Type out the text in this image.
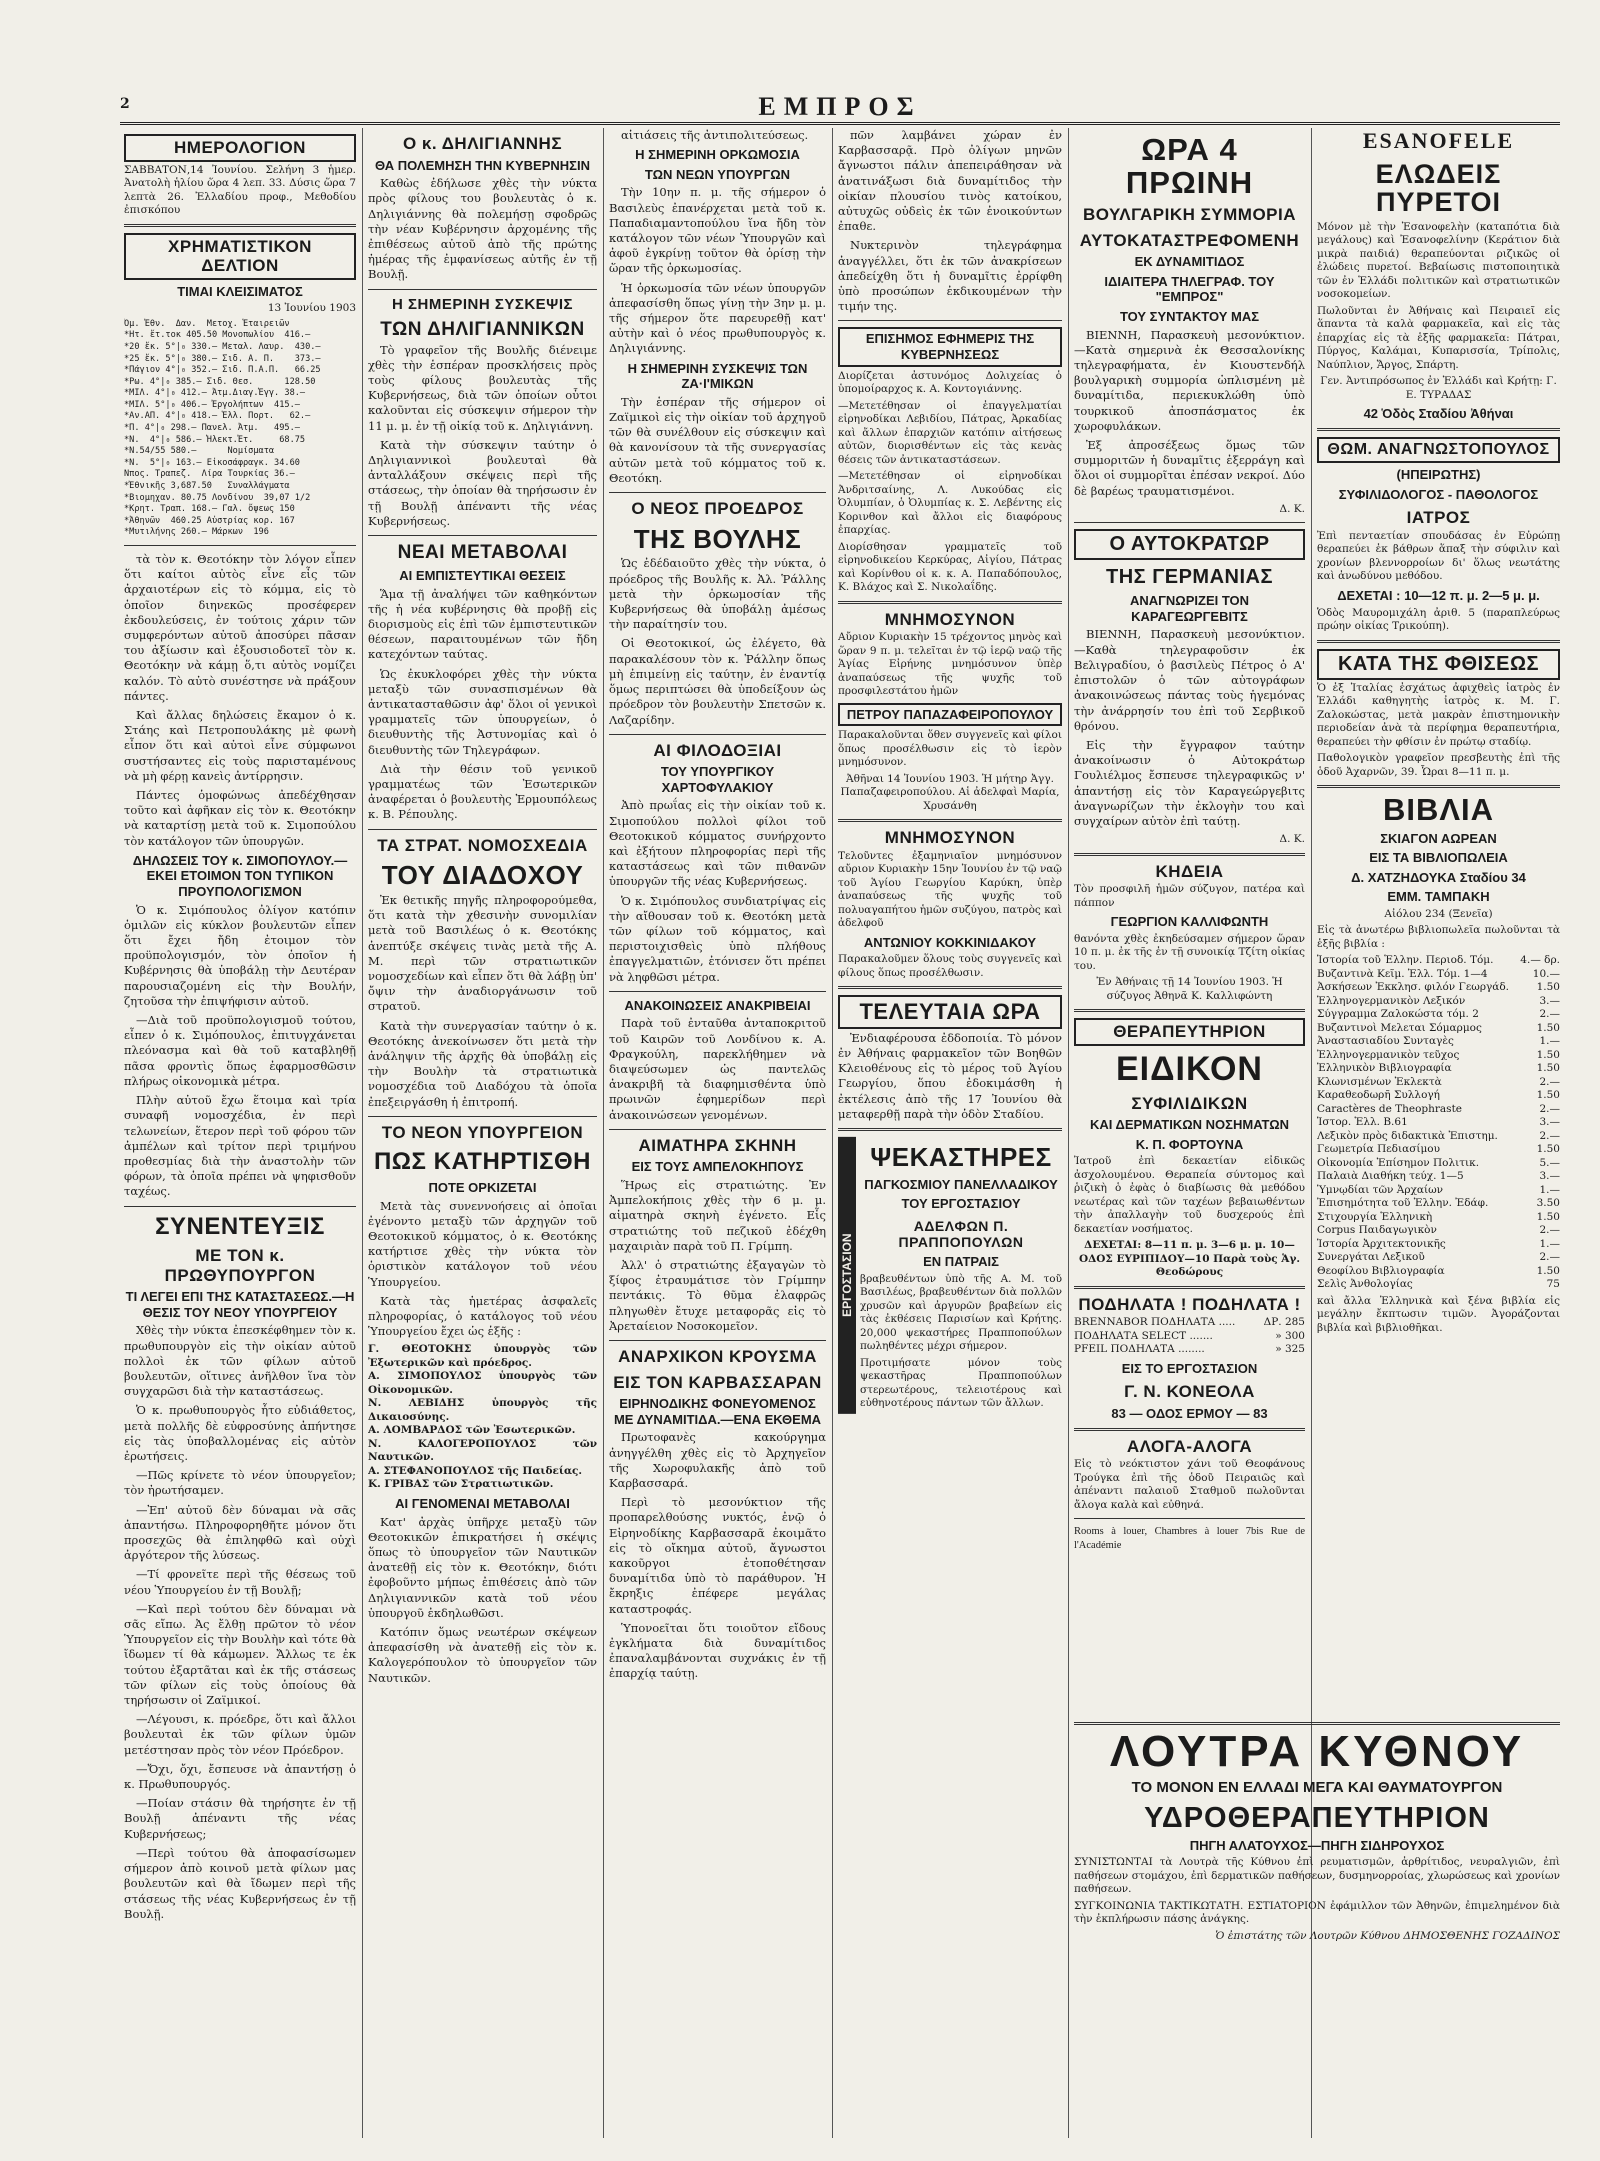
2	ΕΜΠΡΟΣ
ΗΜΕΡΟΛΟΓΙΟΝ

ΣΑΒΒΑΤΟΝ,14 Ἰουνίου. Σελήνη 3 ἡμερ. Ἀνατολὴ ἡλίου ὥρα 4 λεπ. 33. Δύσις ὥρα 7 λεπτὰ 26. Ἐλλαδίου προφ., Μεθοδίου ἐπισκόπου

ΧΡΗΜΑΤΙΣΤΙΚΟΝ ΔΕΛΤΙΟΝ
ΤΙΜΑΙ ΚΛΕΙΣΙΜΑΤΟΣ
13 Ἰουνίου 1903
Ὁμ. Ἐθν.  Δαν.  Μετοχ. Ἑταιρειῶν
*Ητ. ἔτ.τοκ 405.50 Μονοπωλίου  416.—
*20 ἔκ. 5°|₀ 330.— Μεταλ. Λαυρ.  430.—
*25 ἔκ. 5°|₀ 380.— Σιδ. Α. Π.    373.—
*Πάγιον 4°|₀ 352.— Σιδ. Π.Α.Π.   66.25
*Ρω. 4°|₀ 385.— Σιδ. Θεσ.      128.50
*ΜΙΛ. 4°|₀ 412.— Ἀτμ.Διαγ.Ἐγγ. 38.—
*ΜΙΛ. 5°|₀ 406.— Ἐργολήπτων  415.—
*Αν.ΑΠ. 4°|₀ 418.— Ἑλλ. Πορτ.   62.—
*Π. 4°|₀ 298.— Πανελ. Ἀτμ.   495.—
*Ν.  4°|₀ 586.— Ἠλεκτ.Ἐτ.     68.75
*Ν.54/55 580.—      Νομίσματα
*Ν.  5°|₀ 163.— Εἰκοσάφραγκ. 34.60
Νπος. Τραπεζ.  Λίρα Τουρκίας 36.—
*Ἐθνικῆς 3,687.50   Συναλλάγματα
*Βιομηχαν. 80.75 Λονδίνου  39,07 1/2
*Κρητ. Τραπ. 168.— Γαλ. ὄψεως 150
*Ἀθηνῶν  460.25 Αὐστρίας κορ. 167
*Μυτιλήνης 260.— Μάρκων  196

τὰ τὸν κ. Θεοτόκην τὸν λόγον εἶπεν ὅτι καίτοι αὐτὸς εἶνε εἷς τῶν ἀρχαιοτέρων εἰς τὸ κόμμα, εἰς τὸ ὁποῖον διηνεκῶς προσέφερεν ἐκδουλεύσεις, ἐν τούτοις χάριν τῶν συμφερόντων αὐτοῦ ἀποσύρει πᾶσαν του ἀξίωσιν καὶ ἐξουσιοδοτεῖ τὸν κ. Θεοτόκην νὰ κάμῃ ὅ,τι αὐτὸς νομίζει καλόν. Τὸ αὐτὸ συνέστησε νὰ πράξουν πάντες.

Καὶ ἄλλας δηλώσεις ἔκαμον ὁ κ. Στάης καὶ Πετροπουλάκης μὲ φωνὴ εἶπον ὅτι καὶ αὐτοὶ εἶνε σύμφωνοι συστήσαντες εἰς τοὺς παρισταμένους νὰ μὴ φέρῃ κανεὶς ἀντίρρησιν.

Πάντες ὁμοφώνως ἀπεδέχθησαν τοῦτο καὶ ἀφῆκαν εἰς τὸν κ. Θεοτόκην νὰ καταρτίσῃ μετὰ τοῦ κ. Σιμοπούλου τὸν κατάλογον τῶν ὑπουργῶν.

ΔΗΛΩΣΕΙΣ ΤΟΥ κ. ΣΙΜΟΠΟΥΛΟΥ.—ΕΚΕΙ ΕΤΟΙΜΟΝ ΤΟΝ ΤΥΠΙΚΟΝ ΠΡΟΥΠΟΛΟΓΙΣΜΟΝ

Ὁ κ. Σιμόπουλος ὀλίγον κατόπιν ὁμιλῶν εἰς κύκλον βουλευτῶν εἶπεν ὅτι ἔχει ἤδη ἐτοιμον τὸν προϋπολογισμόν, τὸν ὁποῖον ἡ Κυβέρνησις θὰ ὑποβάλῃ τὴν Δευτέραν παρουσιαζομένη εἰς τὴν Βουλήν, ζητοῦσα τὴν ἐπιψήφισιν αὐτοῦ.

—Διὰ τοῦ προϋπολογισμοῦ τούτου, εἶπεν ὁ κ. Σιμόπουλος, ἐπιτυγχάνεται πλεόνασμα καὶ θὰ τοῦ καταβληθῇ πᾶσα φροντὶς ὅπως ἐφαρμοσθῶσιν πλήρως οἰκονομικὰ μέτρα.

Πλὴν αὐτοῦ ἔχω ἕτοιμα καὶ τρία συναφῆ νομοσχέδια, ἐν περὶ τελωνείων, ἕτερον περὶ τοῦ φόρου τῶν ἀμπέλων καὶ τρίτον περὶ τριμήνου προθεσμίας διὰ τὴν ἀναστολὴν τῶν φόρων, τὰ ὁποῖα πρέπει νὰ ψηφισθοῦν ταχέως.

ΣΥΝΕΝΤΕΥΞΙΣ
ΜΕ ΤΟΝ κ. ΠΡΩΘΥΠΟΥΡΓΟΝ
ΤΙ ΛΕΓΕΙ ΕΠΙ ΤΗΣ ΚΑΤΑΣΤΑΣΕΩΣ.—Η ΘΕΣΙΣ ΤΟΥ ΝΕΟΥ ΥΠΟΥΡΓΕΙΟΥ

Χθὲς τὴν νύκτα ἐπεσκέφθημεν τὸν κ. πρωθυπουργὸν εἰς τὴν οἰκίαν αὐτοῦ πολλοὶ ἐκ τῶν φίλων αὐτοῦ βουλευτῶν, οἵτινες ἀνῆλθον ἵνα τὸν συγχαρῶσι διὰ τὴν καταστάσεως.

Ὁ κ. πρωθυπουργὸς ἦτο εὐδιάθετος, μετὰ πολλῆς δὲ εὐφροσύνης ἀπήντησε εἰς τὰς ὑποβαλλομένας εἰς αὐτὸν ἐρωτήσεις.

—Πῶς κρίνετε τὸ νέον ὑπουργεῖον; τὸν ἠρωτήσαμεν.

—Ἐπ' αὐτοῦ δὲν δύναμαι νὰ σᾶς ἀπαντήσω. Πληροφορηθῆτε μόνον ὅτι προσεχῶς θὰ ἐπιληφθῶ καὶ οὐχὶ ἀργότερον τῆς λύσεως.

—Τί φρονεῖτε περὶ τῆς θέσεως τοῦ νέου Ὑπουργείου ἐν τῇ Βουλῇ;

—Καὶ περὶ τούτου δὲν δύναμαι νὰ σᾶς εἴπω. Ἀς ἔλθῃ πρῶτον τὸ νέον Ὑπουργεῖον εἰς τὴν Βουλὴν καὶ τότε θὰ ἴδωμεν τί θὰ κάμωμεν. Ἄλλως τε ἐκ τούτου ἐξαρτᾶται καὶ ἐκ τῆς στάσεως τῶν φίλων εἰς τοὺς ὁποίους θὰ τηρήσωσιν οἱ Ζαϊμικοί.

—Λέγουσι, κ. πρόεδρε, ὅτι καὶ ἄλλοι βουλευταὶ ἐκ τῶν φίλων ὑμῶν μετέστησαν πρὸς τὸν νέον Πρόεδρον.

—Ὄχι, ὄχι, ἔσπευσε νὰ ἀπαντήσῃ ὁ κ. Πρωθυπουργός.

—Ποίαν στάσιν θὰ τηρήσητε ἐν τῇ Βουλῇ ἀπέναντι τῆς νέας Κυβερνήσεως;

—Περὶ τούτου θὰ ἀποφασίσωμεν σήμερον ἀπὸ κοινοῦ μετὰ φίλων μας βουλευτῶν καὶ θὰ ἴδωμεν περὶ τῆς στάσεως τῆς νέας Κυβερνήσεως ἐν τῇ Βουλῇ.

Ο κ. ΔΗΛΙΓΙΑΝΝΗΣ
ΘΑ ΠΟΛΕΜΗΣΗ ΤΗΝ ΚΥΒΕΡΝΗΣΙΝ

Καθὼς ἐδήλωσε χθὲς τὴν νύκτα πρὸς φίλους του βουλευτὰς ὁ κ. Δηλιγιάννης θὰ πολεμήσῃ σφοδρῶς τὴν νέαν Κυβέρνησιν ἀρχομένης τῆς ἐπιθέσεως αὐτοῦ ἀπὸ τῆς πρώτης ἡμέρας τῆς ἐμφανίσεως αὐτῆς ἐν τῇ Βουλῇ.

Η ΣΗΜΕΡΙΝΗ ΣΥΣΚΕΨΙΣ
ΤΩΝ ΔΗΛΙΓΙΑΝΝΙΚΩΝ

Τὸ γραφεῖον τῆς Βουλῆς διένειμε χθὲς τὴν ἑσπέραν προσκλήσεις πρὸς τοὺς φίλους βουλευτὰς τῆς Κυβερνήσεως, διὰ τῶν ὁποίων οὗτοι καλοῦνται εἰς σύσκεψιν σήμερον τὴν 11 μ. μ. ἐν τῇ οἰκίᾳ τοῦ κ. Δηλιγιάννη.

Κατὰ τὴν σύσκεψιν ταύτην ὁ Δηλιγιαννικοὶ βουλευταὶ θὰ ἀνταλλάξουν σκέψεις περὶ τῆς στάσεως, τὴν ὁποίαν θὰ τηρήσωσιν ἐν τῇ Βουλῇ ἀπέναντι τῆς νέας Κυβερνήσεως.

ΝΕΑΙ ΜΕΤΑΒΟΛΑΙ
ΑΙ ΕΜΠΙΣΤΕΥΤΙΚΑΙ ΘΕΣΕΙΣ

Ἅμα τῇ ἀναλήψει τῶν καθηκόντων τῆς ἡ νέα κυβέρνησις θὰ προβῇ εἰς διορισμοὺς εἰς ἐπὶ τῶν ἐμπιστευτικῶν θέσεων, παραιτουμένων τῶν ἤδη κατεχόντων ταύτας.

Ὡς ἐκυκλοφόρει χθὲς τὴν νύκτα μεταξὺ τῶν συνασπισμένων θὰ ἀντικατασταθῶσιν ἀφ' ὅλοι οἱ γενικοὶ γραμματεῖς τῶν ὑπουργείων, ὁ διευθυντὴς τῆς Ἀστυνομίας καὶ ὁ διευθυντὴς τῶν Τηλεγράφων.

Διὰ τὴν θέσιν τοῦ γενικοῦ γραμματέως τῶν Ἐσωτερικῶν ἀναφέρεται ὁ βουλευτὴς Ἑρμουπόλεως κ. Β. Ρέπουλης.

ΤΑ ΣΤΡΑΤ. ΝΟΜΟΣΧΕΔΙΑ
ΤΟΥ ΔΙΑΔΟΧΟΥ

Ἐκ θετικῆς πηγῆς πληροφορούμεθα, ὅτι κατὰ τὴν χθεσινὴν συνομιλίαν μετὰ τοῦ Βασιλέως ὁ κ. Θεοτόκης ἀνεπτύξε σκέψεις τινὰς μετὰ τῆς Α. Μ. περὶ τῶν στρατιωτικῶν νομοσχεδίων καὶ εἶπεν ὅτι θὰ λάβῃ ὑπ' ὄψιν τὴν ἀναδιοργάνωσιν τοῦ στρατοῦ.

Κατὰ τὴν συνεργασίαν ταύτην ὁ κ. Θεοτόκης ἀνεκοίνωσεν ὅτι μετὰ τὴν ἀνάληψιν τῆς ἀρχῆς θὰ ὑποβάλῃ εἰς τὴν Βουλὴν τὰ στρατιωτικὰ νομοσχέδια τοῦ Διαδόχου τὰ ὁποῖα ἐπεξειργάσθη ἡ ἐπιτροπή.

ΤΟ ΝΕΟΝ ΥΠΟΥΡΓΕΙΟΝ
ΠΩΣ ΚΑΤΗΡΤΙΣΘΗ
ΠΟΤΕ ΟΡΚΙΖΕΤΑΙ

Μετὰ τὰς συνεννοήσεις αἱ ὁποῖαι ἐγένοντο μεταξὺ τῶν ἀρχηγῶν τοῦ Θεοτοκικοῦ κόμματος, ὁ κ. Θεοτόκης κατήρτισε χθὲς τὴν νύκτα τὸν ὁριστικὸν κατάλογον τοῦ νέου Ὑπουργείου.

Κατὰ τὰς ἡμετέρας ἀσφαλεῖς πληροφορίας, ὁ κατάλογος τοῦ νέου Ὑπουργείου ἔχει ὡς ἑξῆς :

Γ. ΘΕΟΤΟΚΗΣ ὑπουργὸς τῶν Ἐξωτερικῶν καὶ πρόεδρος.
Α. ΣΙΜΟΠΟΥΛΟΣ ὑπουργὸς τῶν Οἰκονομικῶν.
Ν. ΛΕΒΙΔΗΣ ὑπουργὸς τῆς Δικαιοσύνης.
Α. ΛΟΜΒΑΡΔΟΣ τῶν Ἐσωτερικῶν.
Ν. ΚΑΛΟΓΕΡΟΠΟΥΛΟΣ τῶν Ναυτικῶν.
Α. ΣΤΕΦΑΝΟΠΟΥΛΟΣ τῆς Παιδείας.
Κ. ΓΡΙΒΑΣ τῶν Στρατιωτικῶν.

ΑΙ ΓΕΝΟΜΕΝΑΙ ΜΕΤΑΒΟΛΑΙ

Κατ' ἀρχὰς ὑπῆρχε μεταξὺ τῶν Θεοτοκικῶν ἐπικρατήσει ἡ σκέψις ὅπως τὸ ὑπουργεῖον τῶν Ναυτικῶν ἀνατεθῇ εἰς τὸν κ. Θεοτόκην, διότι ἐφοβοῦντο μήπως ἐπιθέσεις ἀπὸ τῶν Δηλιγιαννικῶν κατὰ τοῦ νέου ὑπουργοῦ ἐκδηλωθῶσι.

Κατόπιν ὅμως νεωτέρων σκέψεων ἀπεφασίσθη νὰ ἀνατεθῇ εἰς τὸν κ. Καλογερόπουλον τὸ ὑπουργεῖον τῶν Ναυτικῶν.

αἰτιάσεις τῆς ἀντιπολιτεύσεως.

Η ΣΗΜΕΡΙΝΗ ΟΡΚΩΜΟΣΙΑ
ΤΩΝ ΝΕΩΝ ΥΠΟΥΡΓΩΝ

Τὴν 10ην π. μ. τῆς σήμερον ὁ Βασιλεὺς ἐπανέρχεται μετὰ τοῦ κ. Παπαδιαμαντοπούλου ἵνα ἤδη τὸν κατάλογον τῶν νέων Ὑπουργῶν καὶ ἀφοῦ ἐγκρίνῃ τοῦτον θὰ ὁρίσῃ τὴν ὥραν τῆς ὁρκωμοσίας.

Ἡ ὁρκωμοσία τῶν νέων ὑπουργῶν ἀπεφασίσθη ὅπως γίνῃ τὴν 3ην μ. μ. τῆς σήμερον ὅτε παρευρεθῇ κατ' αὐτὴν καὶ ὁ νέος πρωθυπουργὸς κ. Δηλιγιάννης.

Η ΣΗΜΕΡΙΝΗ ΣΥΣΚΕΨΙΣ ΤΩΝ ΖΑ·Ι'ΜΙΚΩΝ

Τὴν ἑσπέραν τῆς σήμερον οἱ Ζαϊμικοὶ εἰς τὴν οἰκίαν τοῦ ἀρχηγοῦ τῶν θὰ συνέλθουν εἰς σύσκεψιν καὶ θὰ κανονίσουν τὰ τῆς συνεργασίας αὐτῶν μετὰ τοῦ κόμματος τοῦ κ. Θεοτόκη.

Ο ΝΕΟΣ ΠΡΟΕΔΡΟΣ
ΤΗΣ ΒΟΥΛΗΣ

Ὡς ἐδέδαιοῦτο χθὲς τὴν νύκτα, ὁ πρόεδρος τῆς Βουλῆς κ. Ἀλ. Ῥάλλης μετὰ τὴν ὁρκωμοσίαν τῆς Κυβερνήσεως θὰ ὑποβάλῃ ἀμέσως τὴν παραίτησίν του.

Οἱ Θεοτοκικοί, ὡς ἐλέγετο, θὰ παρακαλέσουν τὸν κ. Ῥάλλην ὅπως μὴ ἐπιμείνῃ εἰς ταύτην, ἐν ἐναντίᾳ ὅμως περιπτώσει θὰ ὑποδείξουν ὡς πρόεδρον τὸν βουλευτὴν Σπετσῶν κ. Λαζαρίδην.

ΑΙ ΦΙΛΟΔΟΞΙΑΙ
ΤΟΥ ΥΠΟΥΡΓΙΚΟΥ ΧΑΡΤΟΦΥΛΑΚΙΟΥ

Ἀπὸ πρωΐας εἰς τὴν οἰκίαν τοῦ κ. Σιμοπούλου πολλοὶ φίλοι τοῦ Θεοτοκικοῦ κόμματος συνήρχοντο καὶ ἐξήτουν πληροφορίας περὶ τῆς καταστάσεως καὶ τῶν πιθανῶν ὑπουργῶν τῆς νέας Κυβερνήσεως.

Ὁ κ. Σιμόπουλος συνδιατρίψας εἰς τὴν αἴθουσαν τοῦ κ. Θεοτόκη μετὰ τῶν φίλων τοῦ κόμματος, καὶ περιστοιχισθεὶς ὑπὸ πλήθους ἐπαγγελματιῶν, ἐτόνισεν ὅτι πρέπει νὰ ληφθῶσι μέτρα.

ΑΝΑΚΟΙΝΩΣΕΙΣ ΑΝΑΚΡΙΒΕΙΑΙ

Παρὰ τοῦ ἐνταῦθα ἀνταποκριτοῦ τοῦ Καιρῶν τοῦ Λονδίνου κ. Α. Φραγκούλη, παρεκλήθημεν νὰ διαψεύσωμεν ὡς παντελῶς ἀνακριβῆ τὰ διαφημισθέντα ὑπὸ πρωινῶν ἐφημερίδων περὶ ἀνακοινώσεων γενομένων.

ΑΙΜΑΤΗΡΑ ΣΚΗΝΗ
ΕΙΣ ΤΟΥΣ ΑΜΠΕΛΟΚΗΠΟΥΣ

Ἥρως εἰς στρατιώτης. Ἐν Ἀμπελοκήποις χθὲς τὴν 6 μ. μ. αἱματηρὰ σκηνὴ ἐγένετο. Εἷς στρατιώτης τοῦ πεζικοῦ ἐδέχθη μαχαιριὰν παρὰ τοῦ Π. Γρίμπη.

Ἀλλ' ὁ στρατιώτης ἐξαγαγὼν τὸ ξίφος ἐτραυμάτισε τὸν Γρίμπην πεντάκις. Τὸ θῦμα ἐλαφρῶς πληγωθὲν ἔτυχε μεταφορᾶς εἰς τὸ Ἀρεταίειον Νοσοκομεῖον.

ΑΝΑΡΧΙΚΟΝ ΚΡΟΥΣΜΑ
ΕΙΣ ΤΟΝ ΚΑΡΒΑΣΣΑΡΑΝ
ΕΙΡΗΝΟΔΙΚΗΣ ΦΟΝΕΥΟΜΕΝΟΣ ΜΕ ΔΥΝΑΜΙΤΙΔΑ.—ΕΝΑ ΕΚΘΕΜΑ

Πρωτοφανὲς κακούργημα ἀνηγγέλθη χθὲς εἰς τὸ Ἀρχηγεῖον τῆς Χωροφυλακῆς ἀπὸ τοῦ Καρβασσαρά.

Περὶ τὸ μεσονύκτιον τῆς προπαρελθούσης νυκτός, ἐνῷ ὁ Εἰρηνοδίκης Καρβασσαρᾶ ἐκοιμᾶτο εἰς τὸ οἴκημα αὐτοῦ, ἄγνωστοι κακοῦργοι ἐτοποθέτησαν δυναμίτιδα ὑπὸ τὸ παράθυρον. Ἡ ἔκρηξις ἐπέφερε μεγάλας καταστροφάς.

Ὑπονοεῖται ὅτι τοιοῦτον εἴδους ἐγκλήματα διὰ δυναμίτιδος ἐπαναλαμβάνονται συχνάκις ἐν τῇ ἐπαρχίᾳ ταύτῃ.

πῶν λαμβάνει χώραν ἐν Καρβασσαρᾷ. Πρὸ ὀλίγων μηνῶν ἄγνωστοι πάλιν ἀπεπειράθησαν νὰ ἀνατινάξωσι διὰ δυναμίτιδος τὴν οἰκίαν πλουσίου τινὸς κατοίκου, αὐτυχῶς οὐδεὶς ἐκ τῶν ἐνοικούντων ἐπαθε.

Νυκτερινὸν τηλεγράφημα ἀναγγέλλει, ὅτι ἐκ τῶν ἀνακρίσεων ἀπεδείχθη ὅτι ἡ δυναμῖτις ἐρρίφθη ὑπὸ προσώπων ἐκδικουμένων τὴν τιμήν της.

ΕΠΙΣΗΜΟΣ ΕΦΗΜΕΡΙΣ ΤΗΣ ΚΥΒΕΡΝΗΣΕΩΣ

Διορίζεται ἀστυνόμος Δολιχείας ὁ ὑπομοίραρχος κ. Α. Κοντογιάννης.

—Μετετέθησαν οἱ ἐπαγγελματίαι εἰρηνοδίκαι Λεβιδίου, Πάτρας, Ἀρκαδίας καὶ ἄλλων ἐπαρχιῶν κατόπιν αἰτήσεως αὐτῶν, διορισθέντων εἰς τὰς κενὰς θέσεις τῶν ἀντικαταστάσεων.

—Μετετέθησαν οἱ εἰρηνοδίκαι Ἀνδριτσαίνης, Λ. Λυκούδας εἰς Ὀλυμπίαν, ὁ Ὀλυμπίας κ. Σ. Λεβέντης εἰς Κορινθον καὶ ἄλλοι εἰς διαφόρους ἐπαρχίας.

Διορίσθησαν γραμματεῖς τοῦ εἰρηνοδικείου Κερκύρας, Αἰγίου, Πάτρας καὶ Κορίνθου οἱ κ. κ. Α. Παπαδόπουλος, Κ. Βλάχος καὶ Σ. Νικολαΐδης.

ΜΝΗΜΟΣΥΝΟΝ

Αὔριον Κυριακὴν 15 τρέχοντος μηνὸς καὶ ὥραν 9 π. μ. τελεῖται ἐν τῷ ἱερῷ ναῷ τῆς Ἁγίας Εἰρήνης μνημόσυνον ὑπὲρ ἀναπαύσεως τῆς ψυχῆς τοῦ προσφιλεστάτου ἡμῶν

ΠΕΤΡΟΥ ΠΑΠΑΖΑΦΕΙΡΟΠΟΥΛΟΥ

Παρακαλοῦνται ὅθεν συγγενεῖς καὶ φίλοι ὅπως προσέλθωσιν εἰς τὸ ἱερὸν μνημόσυνον.

Ἀθῆναι 14 Ἰουνίου 1903. Ἡ μήτηρ Ἀγγ. Παπαζαφειροπούλου. Αἱ ἀδελφαὶ Μαρία, Χρυσάνθη

ΜΝΗΜΟΣΥΝΟΝ

Τελοῦντες ἐξαμηνιαῖον μνημόσυνον αὔριον Κυριακὴν 15ην Ἰουνίου ἐν τῷ ναῷ τοῦ Ἁγίου Γεωργίου Καρύκη, ὑπὲρ ἀναπαύσεως τῆς ψυχῆς τοῦ πολυαγαπήτου ἡμῶν συζύγου, πατρὸς καὶ ἀδελφοῦ

ΑΝΤΩΝΙΟΥ ΚΟΚΚΙΝΙΔΑΚΟΥ

Παρακαλοῦμεν ὅλους τοὺς συγγενεῖς καὶ φίλους ὅπως προσέλθωσιν.

ΤΕΛΕΥΤΑΙΑ ΩΡΑ

Ἐνδιαφέρουσα ἐδδοποιία. Τὸ μόνον ἐν Ἀθήναις φαρμακεῖον τῶν Βοηθῶν Κλειοθένους εἰς τὸ μέρος τοῦ Ἀγίου Γεωργίου, ὅπου ἐδοκιμάσθη ἡ ἐκτέλεσις ἀπὸ τῆς 17 Ἰουνίου θὰ μεταφερθῇ παρὰ τὴν ὁδὸν Σταδίου.

ΕΡΓΟΣΤΑΣΙΟΝ
ΨΕΚΑΣΤΗΡΕΣ
ΠΑΓΚΟΣΜΙΟΥ ΠΑΝΕΛΛΑΔΙΚΟΥ
ΤΟΥ ΕΡΓΟΣΤΑΣΙΟΥ
ΑΔΕΛΦΩΝ Π. ΠΡΑΠΠΟΠΟΥΛΩΝ
ΕΝ ΠΑΤΡΑΙΣ

βραβευθέντων ὑπὸ τῆς Α. Μ. τοῦ Βασιλέως, βραβευθέντων διὰ πολλῶν χρυσῶν καὶ ἀργυρῶν βραβείων εἰς τὰς ἐκθέσεις Παρισίων καὶ Κρήτης. 20,000 ψεκαστήρες Πραπποπούλων πωληθέντες μέχρι σήμερον.

Προτιμήσατε μόνον τοὺς ψεκαστῆρας Πραπποπούλων στερεωτέρους, τελειοτέρους καὶ εὐθηνοτέρους πάντων τῶν ἄλλων.

ΩΡΑ 4 ΠΡΩΙΝΗ
ΒΟΥΛΓΑΡΙΚΗ ΣΥΜΜΟΡΙΑ
ΑΥΤΟΚΑΤΑΣΤΡΕΦΟΜΕΝΗ
ΕΚ ΔΥΝΑΜΙΤΙΔΟΣ
ΙΔΙΑΙΤΕΡΑ ΤΗΛΕΓΡΑΦ. ΤΟΥ "ΕΜΠΡΟΣ"
ΤΟΥ ΣΥΝΤΑΚΤΟΥ ΜΑΣ

ΒΙΕΝΝΗ, Παρασκευὴ μεσονύκτιον.—Κατὰ σημερινὰ ἐκ Θεσσαλονίκης τηλεγραφήματα, ἐν Κιουστενδήλ βουλγαρικὴ συμμορία ὡπλισμένη μὲ δυναμίτιδα, περιεκυκλώθη ὑπὸ τουρκικοῦ ἀποσπάσματος ἐκ χωροφυλάκων.

Ἐξ ἀπροσέξεως ὅμως τῶν συμμοριτῶν ἡ δυναμῖτις ἐξερράγη καὶ ὅλοι οἱ συμμορῖται ἐπέσαν νεκροί. Δύο δὲ βαρέως τραυματισμένοι.

Δ. Κ.
Ο ΑΥΤΟΚΡΑΤΩΡ
ΤΗΣ ΓΕΡΜΑΝΙΑΣ
ΑΝΑΓΝΩΡΙΖΕΙ ΤΟΝ ΚΑΡΑΓΕΩΡΓΕΒΙΤΣ

ΒΙΕΝΝΗ, Παρασκευὴ μεσονύκτιον.—Καθὰ τηλεγραφοῦσιν ἐκ Βελιγραδίου, ὁ βασιλεὺς Πέτρος ὁ Α' ἐπιστολῶν ὁ τῶν αὐτογράφων ἀνακοινώσεως πάντας τοὺς ἡγεμόνας τὴν ἀνάρρησίν του ἐπὶ τοῦ Σερβικοῦ θρόνου.

Εἰς τὴν ἔγγραφον ταύτην ἀνακοίνωσιν ὁ Αὐτοκράτωρ Γουλιέλμος ἔσπευσε τηλεγραφικῶς ν' ἀπαντήσῃ εἰς τὸν Καραγεώργεβιτς ἀναγνωρίζων τὴν ἐκλογὴν του καὶ συγχαίρων αὐτὸν ἐπὶ ταύτῃ.

Δ. Κ.
ΚΗΔΕΙΑ

Τὸν προσφιλῆ ἡμῶν σύζυγον, πατέρα καὶ πάππον

ΓΕΩΡΓΙΟΝ ΚΑΛΛΙΦΩΝΤΗ

θανόντα χθὲς ἐκηδεύσαμεν σήμερον ὥραν 10 π. μ. ἐκ τῆς ἐν τῇ συνοικίᾳ Τζίτη οἰκίας του.

Ἐν Ἀθήναις τῇ 14 Ἰουνίου 1903. Ἡ σύζυγος Ἀθηνᾶ Κ. Καλλιφώντη

ΘΕΡΑΠΕΥΤΗΡΙΟΝ
ΕΙΔΙΚΟΝ
ΣΥΦΙΛΙΔΙΚΩΝ
ΚΑΙ ΔΕΡΜΑΤΙΚΩΝ ΝΟΣΗΜΑΤΩΝ
Κ. Π. ΦΟΡΤΟΥΝΑ

Ἰατροῦ ἐπὶ δεκαετίαν εἰδικῶς ἀσχολουμένου. Θεραπεία σύντομος καὶ ῥιζικὴ ὁ ἐφὰς ὁ διαβίωσις θὰ μεθόδου νεωτέρας καὶ τῶν ταχέων βεβαιωθέντων τὴν ἀπαλλαγὴν τοῦ δυσχερούς ἐπὶ δεκαετίαν νοσήματος.

ΔΕΧΕΤΑΙ: 8—11 π. μ. 3—6 μ. μ. 10—ΟΔΟΣ ΕΥΡΙΠΙΔΟΥ—10 Παρὰ τοὺς Ἁγ. Θεοδώρους

ΠΟΔΗΛΑΤΑ ! ΠΟΔΗΛΑΤΑ !
BRENNABOR ΠΟΔΗΛΑΤΑ .....	ΔΡ. 285
ΠΟΔΗΛΑΤΑ SELECT .......	» 300
PFEIL ΠΟΔΗΛΑΤΑ ........	» 325
ΕΙΣ ΤΟ ΕΡΓΟΣΤΑΣΙΟΝ
Γ. Ν. ΚΟΝΕΟΛΑ
83 — ΟΔΟΣ ΕΡΜΟΥ — 83
ΑΛΟΓΑ-ΑΛΟΓΑ

Εἰς τὸ νεόκτιστον χάνι τοῦ Θεοφάνους Τρούγκα ἐπὶ τῆς ὁδοῦ Πειραιῶς καὶ ἀπέναντι παλαιοῦ Σταθμοῦ πωλοῦνται ἄλογα καλὰ καὶ εὐθηνά.

Rooms à louer, Chambres à louer 7bis Rue de l'Académie

ESANOFELE
ΕΛΩΔΕΙΣ ΠΥΡΕΤΟΙ

Μόνον μὲ τὴν Ἐσανοφελὴν (καταπότια διὰ μεγάλους) καὶ Ἐσανοφελίνην (Κεράτιον διὰ μικρὰ παιδιά) θεραπεύονται ριζικῶς οἱ ἐλώδεις πυρετοί. Βεβαίωσις πιστοποιητικὰ τῶν ἐν Ἑλλάδι πολιτικῶν καὶ στρατιωτικῶν νοσοκομείων.

Πωλοῦνται ἐν Ἀθήναις καὶ Πειραιεῖ εἰς ἅπαντα τὰ καλὰ φαρμακεῖα, καὶ εἰς τὰς ἐπαρχίας εἰς τὰ ἑξῆς φαρμακεῖα: Πάτραι, Πύργος, Καλάμαι, Κυπαρισσία, Τρίπολις, Ναύπλιον, Ἄργος, Σπάρτη.

Γεν. Ἀντιπρόσωπος ἐν Ἑλλάδι καὶ Κρήτῃ: Γ. Ε. ΤΥΡΑΔΑΣ

42 Ὁδὸς Σταδίου Ἀθήναι
ΘΩΜ. ΑΝΑΓΝΩΣΤΟΠΟΥΛΟΣ
(ΗΠΕΙΡΩΤΗΣ)
ΣΥΦΙΛΙΔΟΛΟΓΟΣ - ΠΑΘΟΛΟΓΟΣ
ΙΑΤΡΟΣ

Ἐπὶ πενταετίαν σπουδάσας ἐν Εὐρώπῃ θεραπεύει ἐκ βάθρων ἅπαξ τὴν σύφιλιν καὶ χρονίων βλεννορροίων δι' ὅλως νεωτάτης καὶ ἀνωδύνου μεθόδου.

ΔΕΧΕΤΑΙ : 10—12 π. μ. 2—5 μ. μ.

Ὁδὸς Μαυρομιχάλη ἀριθ. 5 (παραπλεύρως πρώην οἰκίας Τρικούπη).

ΚΑΤΑ ΤΗΣ ΦΘΙΣΕΩΣ

Ὁ ἐξ Ἰταλίας ἐσχάτως ἀφιχθεὶς ἰατρὸς ἐν Ἑλλάδι καθηγητὴς ἰατρὸς κ. Μ. Γ. Ζαλοκώστας, μετὰ μακρὰν ἐπιστημονικὴν περιοδείαν ἀνὰ τὰ περίφημα θεραπευτήρια, θεραπεύει τὴν φθίσιν ἐν πρώτῳ σταδίῳ.

Παθολογικὸν γραφεῖον πρεσβευτὴς ἐπὶ τῆς ὁδοῦ Ἀχαρνῶν, 39. Ὧραι 8—11 π. μ.

ΒΙΒΛΙΑ
ΣΚΙΑΓΟΝ ΑΩΡΕΑΝ
ΕΙΣ ΤΑ ΒΙΒΛΙΟΠΩΛΕΙΑ
Δ. ΧΑΤΖΗΔΟΥΚΑ Σταδίου 34
ΕΜΜ. ΤΑΜΠΑΚΗ
Αἰόλου 234 (Ξενεῖα)

Εἰς τὰ ἀνωτέρω βιβλιοπωλεῖα πωλοῦνται τὰ ἑξῆς βιβλία :

Ἱστορία τοῦ Ἑλλην. Περιοδ. Τόμ.	4.— δρ.
Βυζαντινὰ Κεῖμ. Ἐλλ. Τόμ. 1—4	10.—
Ἀσκήσεων Ἐκκλησ. φιλόν Γεωργάδ.	1.50
Ἑλληνογερμανικὸν Λεξικόν	3.—
Σύγγραμμα Ζαλοκώστα τόμ. 2	2.—
Βυζαντινοὶ Μελεται Σόμαρμος	1.50
Ἀναστασιαδίου Συνταγὲς	1.—
Ἐλληνογερμανικὸν τεῦχος	1.50
Ἑλληνικὸν Βιβλιογραφία	1.50
Κλωνισμένων Ἐκλεκτὰ	2.—
Καραθεοδωρῆ Συλλογή	1.50
Caractères de Theophraste	2.—
Ἱστορ. Ἑλλ. Β.61	3.—
Λεξικὸν πρὸς διδακτικὰ Ἐπιστημ.	2.—
Γεωμετρία Πεδιασίμου	1.50
Οἰκονομία Ἐπίσημον Πολιτικ.	5.—
Παλαιὰ Διαθήκη τεύχ. 1—5	3.—
Ὑμνῳδίαι τῶν Ἀρχαίων	1.—
Ἐπισημότητα τοῦ Ἑλλην. Ἐδάφ.	3.50
Στιχουργία Ἑλληνικὴ	1.50
Corpus Παιδαγωγικὸν	2.—
Ἱστορία Ἀρχιτεκτονικῆς	1.—
Συνεργάται Λεξικοῦ	2.—
Θεοφίλου Βιβλιογραφία	1.50
Σελὶς Ἀνθολογίας	75

καὶ ἄλλα Ἑλληνικὰ καὶ ξένα βιβλία εἰς μεγάλην ἔκπτωσιν τιμῶν. Ἀγοράζονται βιβλία καὶ βιβλιοθῆκαι.

ΛΟΥΤΡΑ ΚΥΘΝΟΥ
ΤΟ ΜΟΝΟΝ ΕΝ ΕΛΛΑΔΙ ΜΕΓΑ ΚΑΙ ΘΑΥΜΑΤΟΥΡΓΟΝ
ΥΔΡΟΘΕΡΑΠΕΥΤΗΡΙΟΝ
ΠΗΓΗ ΑΛΑΤΟΥΧΟΣ—ΠΗΓΗ ΣΙΔΗΡΟΥΧΟΣ

ΣΥΝΙΣΤΩΝΤΑΙ τὰ Λουτρὰ τῆς Κύθνου ἐπὶ ρευματισμῶν, ἀρθρίτιδος, νευραλγιῶν, ἐπὶ παθήσεων στομάχου, ἐπὶ δερματικῶν παθήσεων, δυσμηνορροίας, χλωρώσεως καὶ χρονίων παθήσεων.

ΣΥΓΚΟΙΝΩΝΙΑ ΤΑΚΤΙΚΩΤΑΤΗ. ΕΣΤΙΑΤΟΡΙΟΝ ἐφάμιλλον τῶν Ἀθηνῶν, ἐπιμελημένον διὰ τὴν ἐκπλήρωσιν πάσης ἀνάγκης.

Ὁ ἐπιστάτης τῶν Λουτρῶν Κύθνου ΔΗΜΟΣΘΕΝΗΣ ΓΟΖΑΔΙΝΟΣ
